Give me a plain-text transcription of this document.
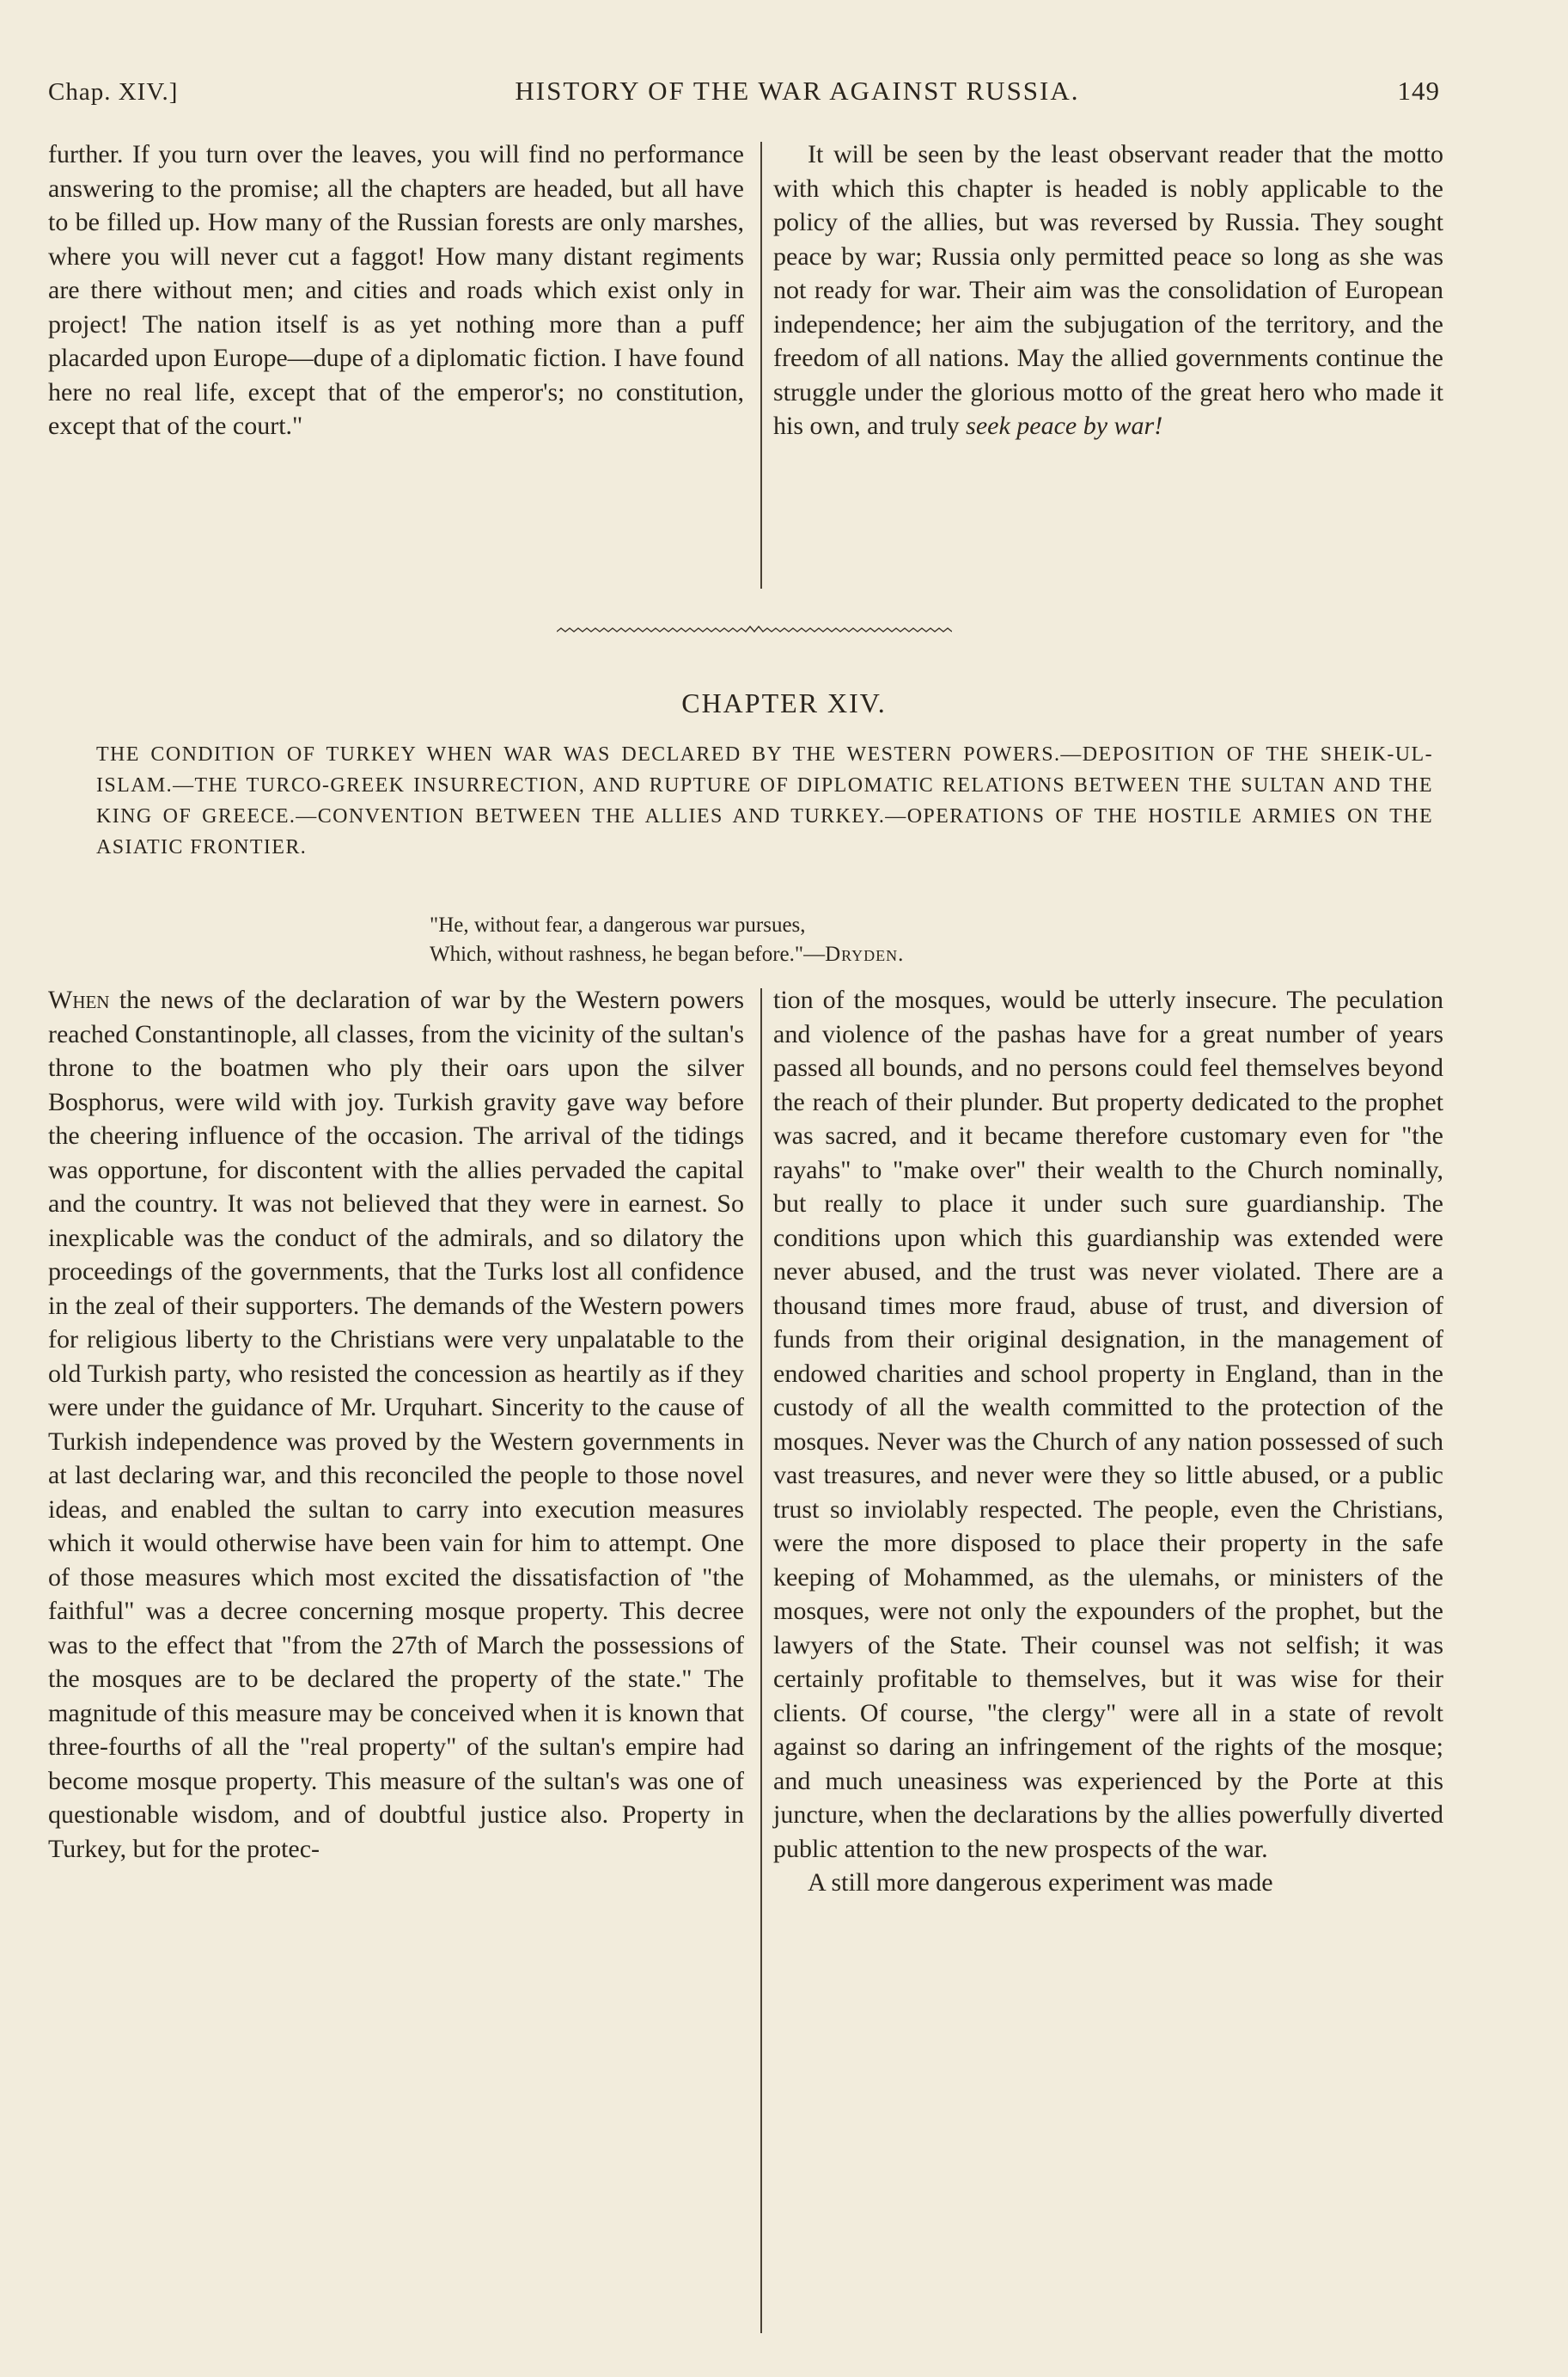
Chap. XIV.]	HISTORY OF THE WAR AGAINST RUSSIA.	149

further. If you turn over the leaves, you will find no performance answering to the promise; all the chapters are headed, but all have to be filled up. How many of the Russian forests are only marshes, where you will never cut a faggot! How many distant regiments are there without men; and cities and roads which exist only in project! The nation itself is as yet nothing more than a puff placarded upon Europe—dupe of a diplomatic fiction. I have found here no real life, except that of the emperor's; no constitution, except that of the court."

It will be seen by the least observant reader that the motto with which this chapter is headed is nobly applicable to the policy of the allies, but was reversed by Russia. They sought peace by war; Russia only permitted peace so long as she was not ready for war. Their aim was the consolidation of European independence; her aim the subjugation of the territory, and the freedom of all nations. May the allied governments continue the struggle under the glorious motto of the great hero who made it his own, and truly seek peace by war!

CHAPTER XIV.

THE CONDITION OF TURKEY WHEN WAR WAS DECLARED BY THE WESTERN POWERS.—DEPOSITION OF THE SHEIK-UL-ISLAM.—THE TURCO-GREEK INSURRECTION, AND RUPTURE OF DIPLOMATIC RELATIONS BETWEEN THE SULTAN AND THE KING OF GREECE.—CONVENTION BETWEEN THE ALLIES AND TURKEY.—OPERATIONS OF THE HOSTILE ARMIES ON THE ASIATIC FRONTIER.

"He, without fear, a dangerous war pursues,
Which, without rashness, he began before."—Dryden.

When the news of the declaration of war by the Western powers reached Constantinople, all classes, from the vicinity of the sultan's throne to the boatmen who ply their oars upon the silver Bosphorus, were wild with joy. Turkish gravity gave way before the cheering influence of the occasion. The arrival of the tidings was opportune, for discontent with the allies pervaded the capital and the country. It was not believed that they were in earnest. So inexplicable was the conduct of the admirals, and so dilatory the proceedings of the governments, that the Turks lost all confidence in the zeal of their supporters. The demands of the Western powers for religious liberty to the Christians were very unpalatable to the old Turkish party, who resisted the concession as heartily as if they were under the guidance of Mr. Urquhart. Sincerity to the cause of Turkish independence was proved by the Western governments in at last declaring war, and this reconciled the people to those novel ideas, and enabled the sultan to carry into execution measures which it would otherwise have been vain for him to attempt. One of those measures which most excited the dissatisfaction of "the faithful" was a decree concerning mosque property. This decree was to the effect that "from the 27th of March the possessions of the mosques are to be declared the property of the state." The magnitude of this measure may be conceived when it is known that three-fourths of all the "real property" of the sultan's empire had become mosque property. This measure of the sultan's was one of questionable wisdom, and of doubtful justice also. Property in Turkey, but for the protec-

tion of the mosques, would be utterly insecure. The peculation and violence of the pashas have for a great number of years passed all bounds, and no persons could feel themselves beyond the reach of their plunder. But property dedicated to the prophet was sacred, and it became therefore customary even for "the rayahs" to "make over" their wealth to the Church nominally, but really to place it under such sure guardianship. The conditions upon which this guardianship was extended were never abused, and the trust was never violated. There are a thousand times more fraud, abuse of trust, and diversion of funds from their original designation, in the management of endowed charities and school property in England, than in the custody of all the wealth committed to the protection of the mosques. Never was the Church of any nation possessed of such vast treasures, and never were they so little abused, or a public trust so inviolably respected. The people, even the Christians, were the more disposed to place their property in the safe keeping of Mohammed, as the ulemahs, or ministers of the mosques, were not only the expounders of the prophet, but the lawyers of the State. Their counsel was not selfish; it was certainly profitable to themselves, but it was wise for their clients. Of course, "the clergy" were all in a state of revolt against so daring an infringement of the rights of the mosque; and much uneasiness was experienced by the Porte at this juncture, when the declarations by the allies powerfully diverted public attention to the new prospects of the war.

A still more dangerous experiment was made
